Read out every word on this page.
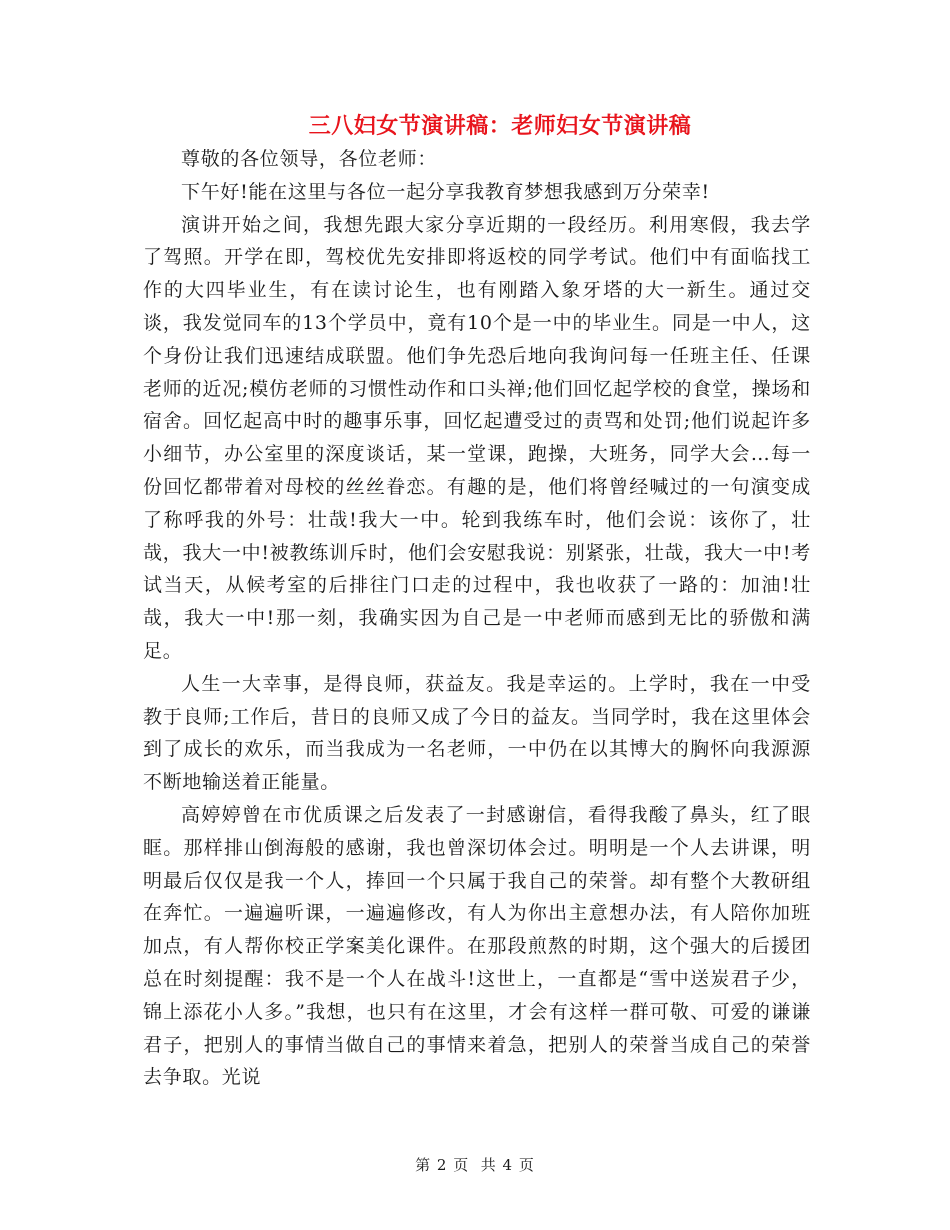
三八妇女节演讲稿：老师妇女节演讲稿

尊敬的各位领导，各位老师：

下午好!能在这里与各位一起分享我教育梦想我感到万分荣幸!

演讲开始之间，我想先跟大家分享近期的一段经历。利用寒假，我去学了驾照。开学在即，驾校优先安排即将返校的同学考试。他们中有面临找工作的大四毕业生，有在读讨论生，也有刚踏入象牙塔的大一新生。通过交谈，我发觉同车的13个学员中，竟有10个是一中的毕业生。同是一中人，这个身份让我们迅速结成联盟。他们争先恐后地向我询问每一任班主任、任课老师的近况;模仿老师的习惯性动作和口头禅;他们回忆起学校的食堂，操场和宿舍。回忆起高中时的趣事乐事，回忆起遭受过的责骂和处罚;他们说起许多小细节，办公室里的深度谈话，某一堂课，跑操，大班务，同学大会…每一份回忆都带着对母校的丝丝眷恋。有趣的是，他们将曾经喊过的一句演变成了称呼我的外号：壮哉!我大一中。轮到我练车时，他们会说：该你了，壮哉，我大一中!被教练训斥时，他们会安慰我说：别紧张，壮哉，我大一中!考试当天，从候考室的后排往门口走的过程中，我也收获了一路的：加油!壮哉，我大一中!那一刻，我确实因为自己是一中老师而感到无比的骄傲和满足。

人生一大幸事，是得良师，获益友。我是幸运的。上学时，我在一中受教于良师;工作后，昔日的良师又成了今日的益友。当同学时，我在这里体会到了成长的欢乐，而当我成为一名老师，一中仍在以其博大的胸怀向我源源不断地输送着正能量。

高婷婷曾在市优质课之后发表了一封感谢信，看得我酸了鼻头，红了眼眶。那样排山倒海般的感谢，我也曾深切体会过。明明是一个人去讲课，明明最后仅仅是我一个人，捧回一个只属于我自己的荣誉。却有整个大教研组在奔忙。一遍遍听课，一遍遍修改，有人为你出主意想办法，有人陪你加班加点，有人帮你校正学案美化课件。在那段煎熬的时期，这个强大的后援团总在时刻提醒：我不是一个人在战斗!这世上，一直都是“雪中送炭君子少，锦上添花小人多。”我想，也只有在这里，才会有这样一群可敬、可爱的谦谦君子，把别人的事情当做自己的事情来着急，把别人的荣誉当成自己的荣誉去争取。光说

第 2 页  共 4 页
